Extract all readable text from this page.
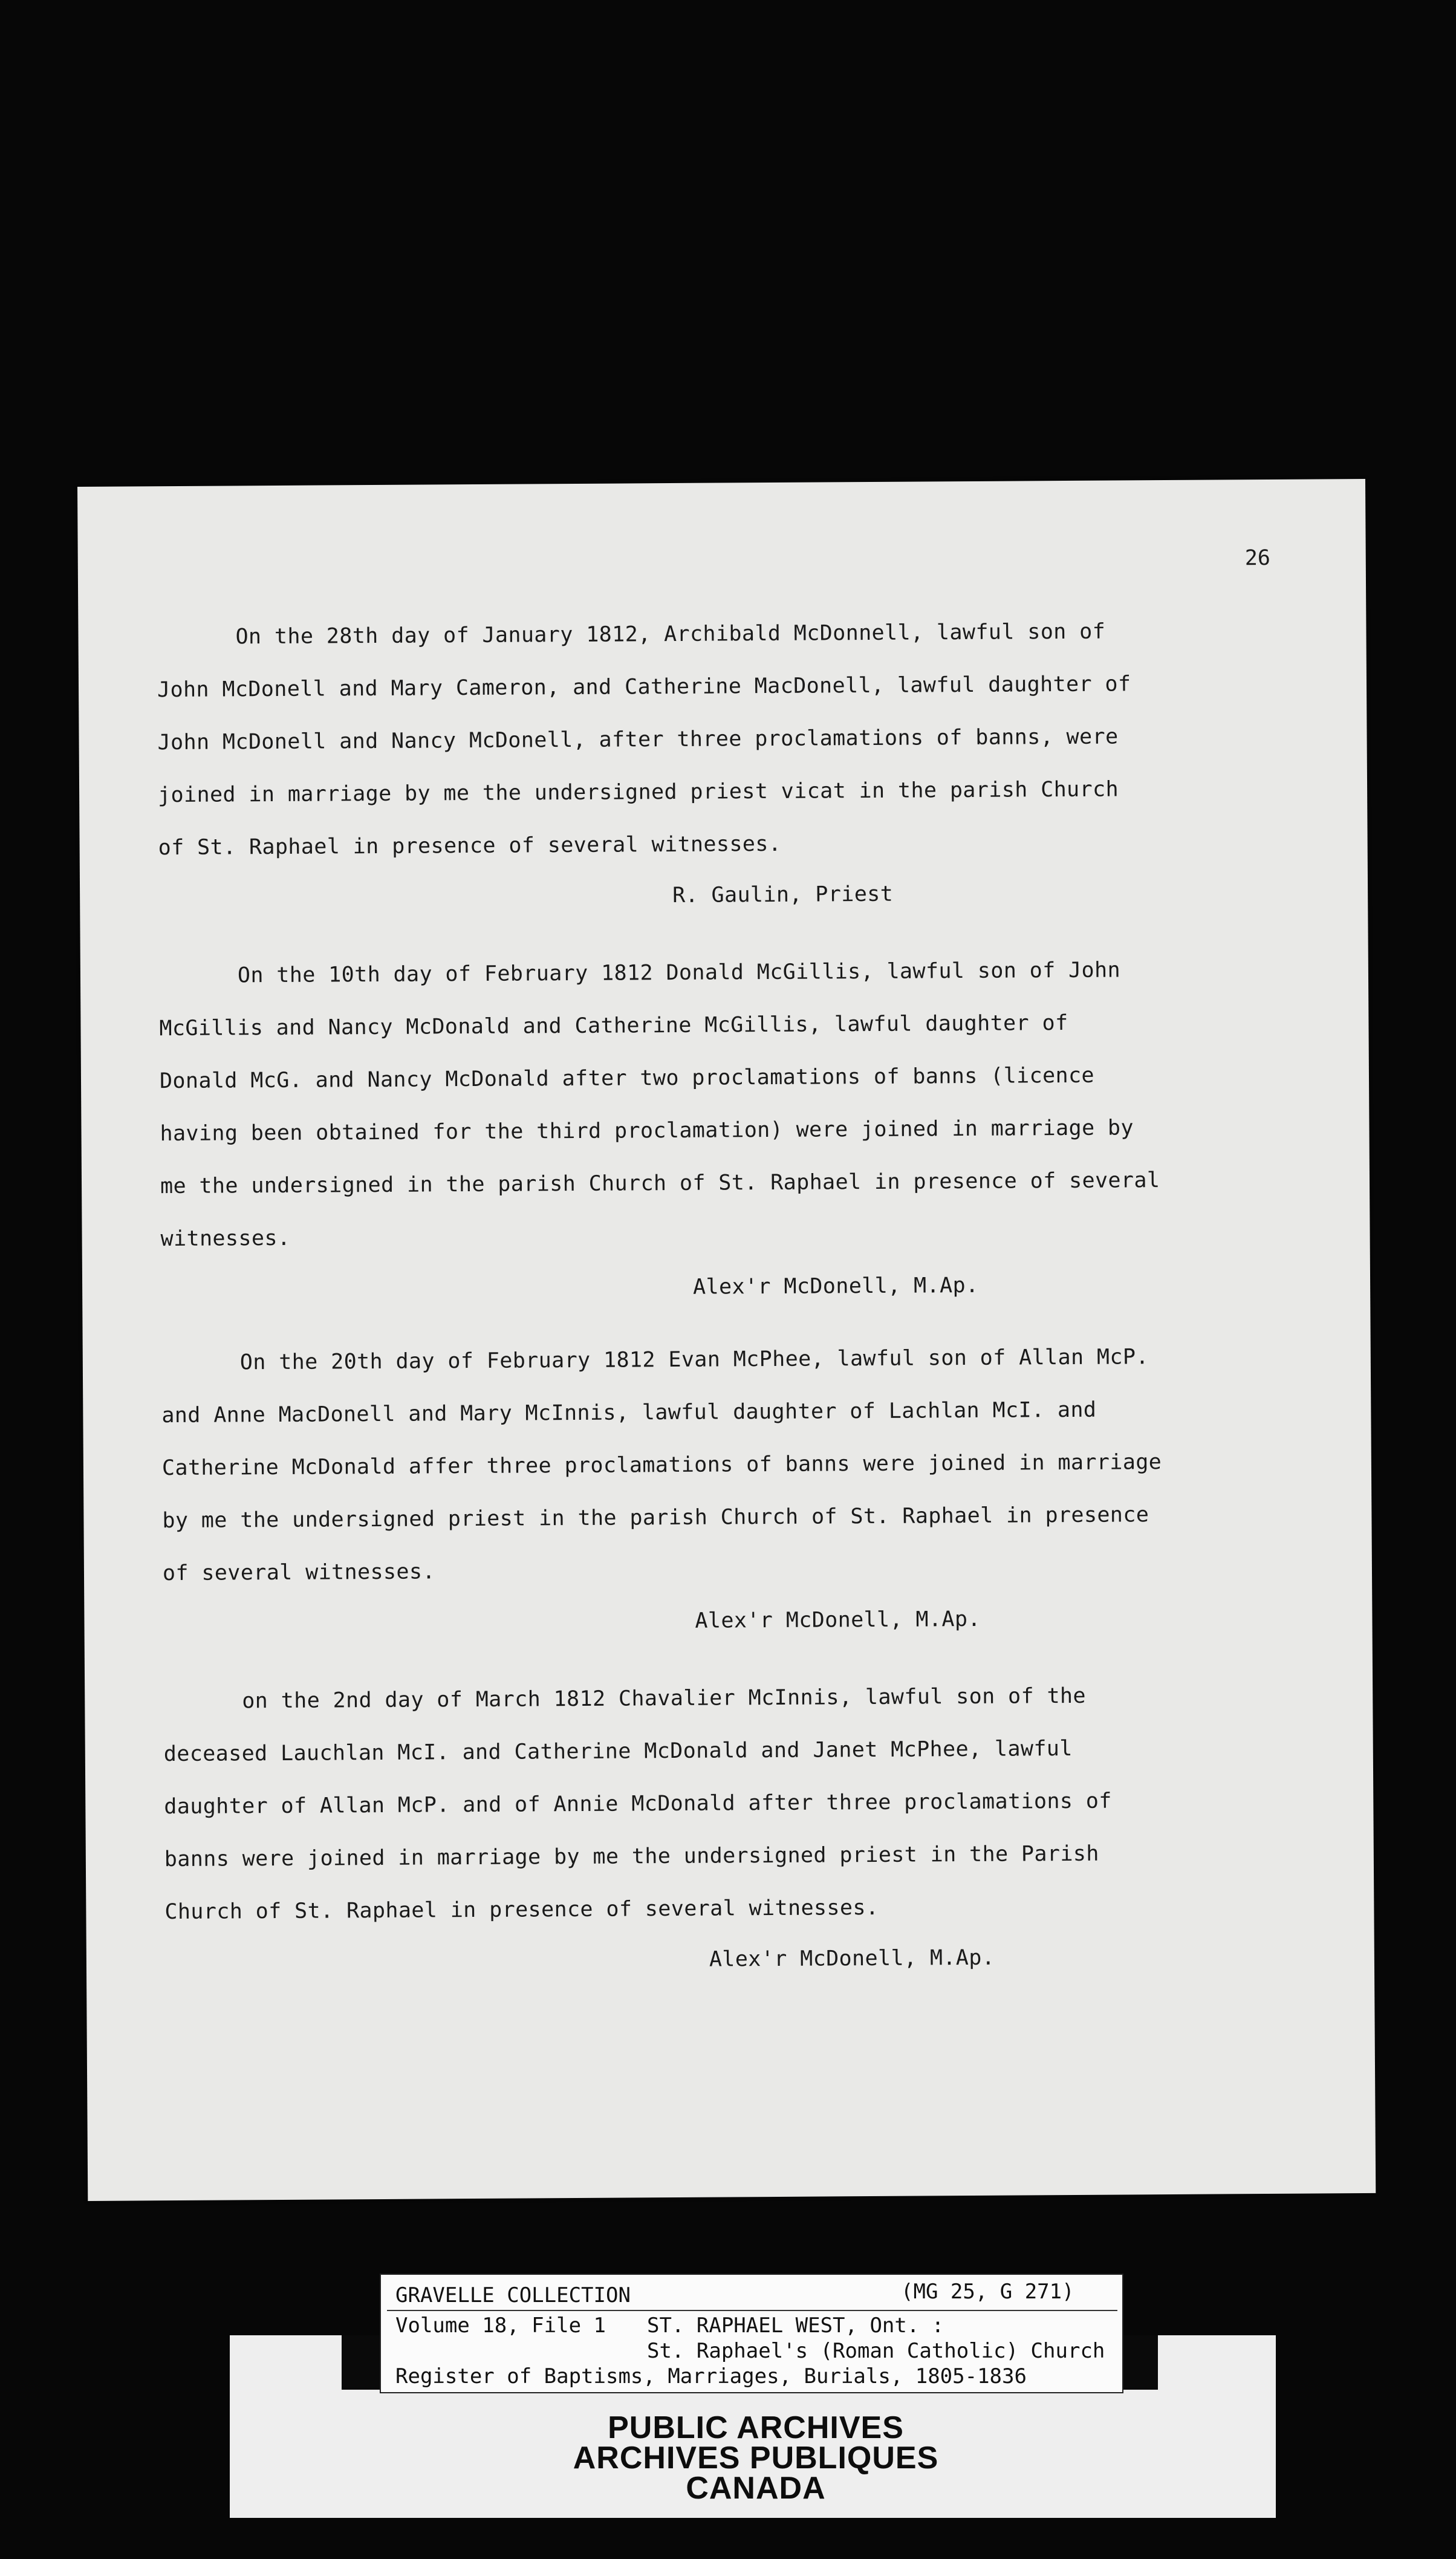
26
On the 28th day of January 1812, Archibald McDonnell, lawful son of
John McDonell and Mary Cameron, and Catherine MacDonell, lawful daughter of
John McDonell and Nancy McDonell, after three proclamations of banns, were
joined in marriage by me the undersigned priest vicat in the parish Church
of St. Raphael in presence of several witnesses.
R. Gaulin, Priest
On the 10th day of February 1812 Donald McGillis, lawful son of John
McGillis and Nancy McDonald and Catherine McGillis, lawful daughter of
Donald McG. and Nancy McDonald after two proclamations of banns (licence
having been obtained for the third proclamation) were joined in marriage by
me the undersigned in the parish Church of St. Raphael in presence of several
witnesses.
Alex'r McDonell, M.Ap.
On the 20th day of February 1812 Evan McPhee, lawful son of Allan McP.
and Anne MacDonell and Mary McInnis, lawful daughter of Lachlan McI. and
Catherine McDonald affer three proclamations of banns were joined in marriage
by me the undersigned priest in the parish Church of St. Raphael in presence
of several witnesses.
Alex'r McDonell, M.Ap.
on the 2nd day of March 1812 Chavalier McInnis, lawful son of the
deceased Lauchlan McI. and Catherine McDonald and Janet McPhee, lawful
daughter of Allan McP. and of Annie McDonald after three proclamations of
banns were joined in marriage by me the undersigned priest in the Parish
Church of St. Raphael in presence of several witnesses.
Alex'r McDonell, M.Ap.
GRAVELLE COLLECTION	(MG 25, G 271)
Volume 18, File 1 ST. RAPHAEL WEST, Ont. :
St. Raphael's (Roman Catholic) Church
Register of Baptisms, Marriages, Burials, 1805-1836
PUBLIC ARCHIVES
ARCHIVES PUBLIQUES
CANADA
